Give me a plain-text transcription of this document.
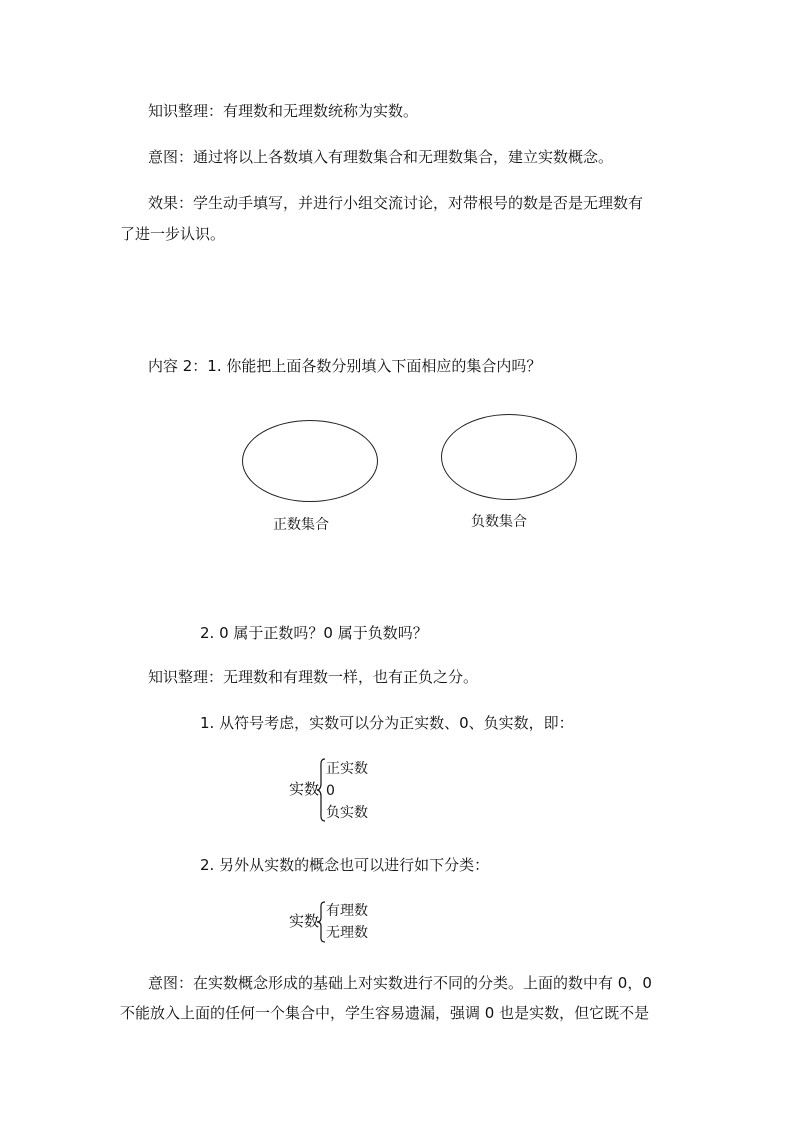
知识整理：有理数和无理数统称为实数。
意图：通过将以上各数填入有理数集合和无理数集合，建立实数概念。
效果：学生动手填写，并进行小组交流讨论，对带根号的数是否是无理数有
了进一步认识。
内容 2：1. 你能把上面各数分别填入下面相应的集合内吗？
正数集合	负数集合
2. 0 属于正数吗？0 属于负数吗？
知识整理：无理数和有理数一样，也有正负之分。
1. 从符号考虑，实数可以分为正实数、0、负实数，即：
实数
正实数
0
负实数
2. 另外从实数的概念也可以进行如下分类：
实数
有理数
无理数
意图：在实数概念形成的基础上对实数进行不同的分类。上面的数中有 0，0
不能放入上面的任何一个集合中，学生容易遗漏，强调 0 也是实数，但它既不是
